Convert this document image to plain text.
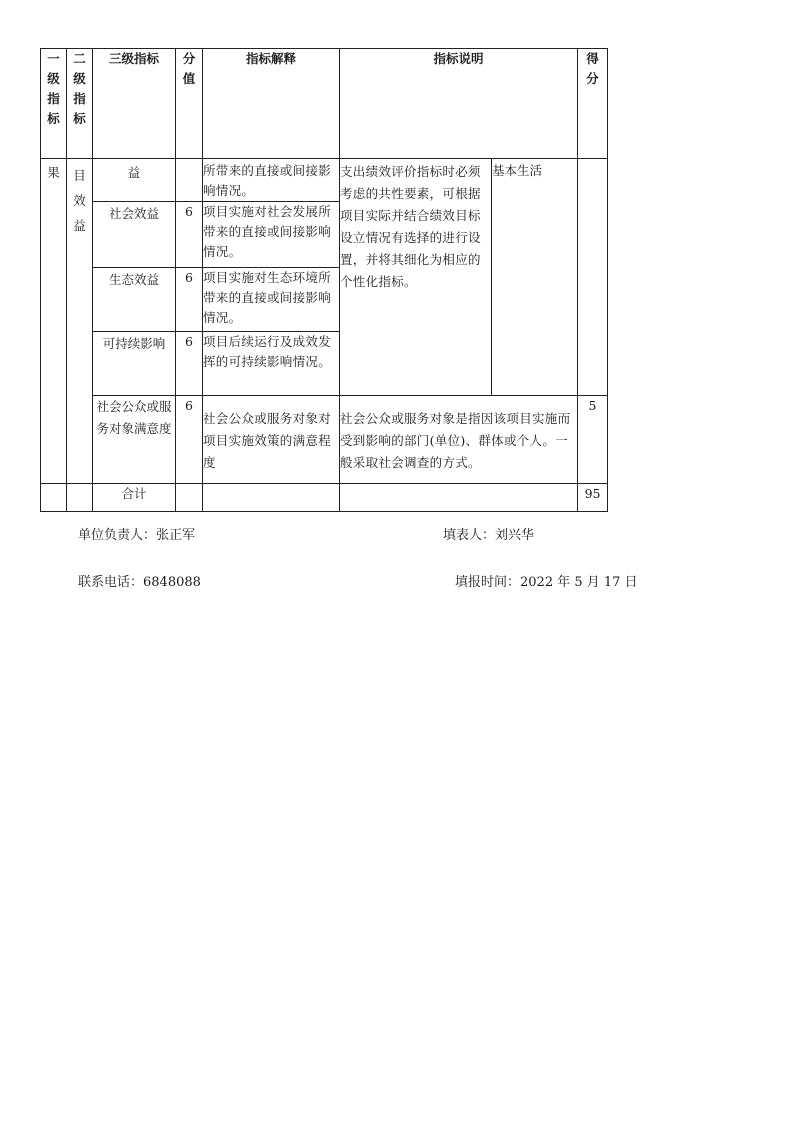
一级指标	二级指标	三级指标	分值	指标解释	指标说明		得分
果	目效益	益		所带来的直接或间接影响情况。	支出绩效评价指标时必须考虑的共性要素，可根据项目实际并结合绩效目标设立情况有选择的进行设置，并将其细化为相应的个性化指标。	基本生活	
		社会效益	6	项目实施对社会发展所带来的直接或间接影响情况。			
		生态效益	6	项目实施对生态环境所带来的直接或间接影响情况。			
		可持续影响	6	项目后续运行及成效发挥的可持续影响情况。			
		社会公众或服务对象满意度	6	社会公众或服务对象对项目实施效策的满意程度	社会公众或服务对象是指因该项目实施而受到影响的部门(单位)、群体或个人。一般采取社会调查的方式。		5
		合计					95
单位负责人：张正军	填表人：刘兴华
联系电话：6848088	填报时间：2022 年 5 月 17 日
